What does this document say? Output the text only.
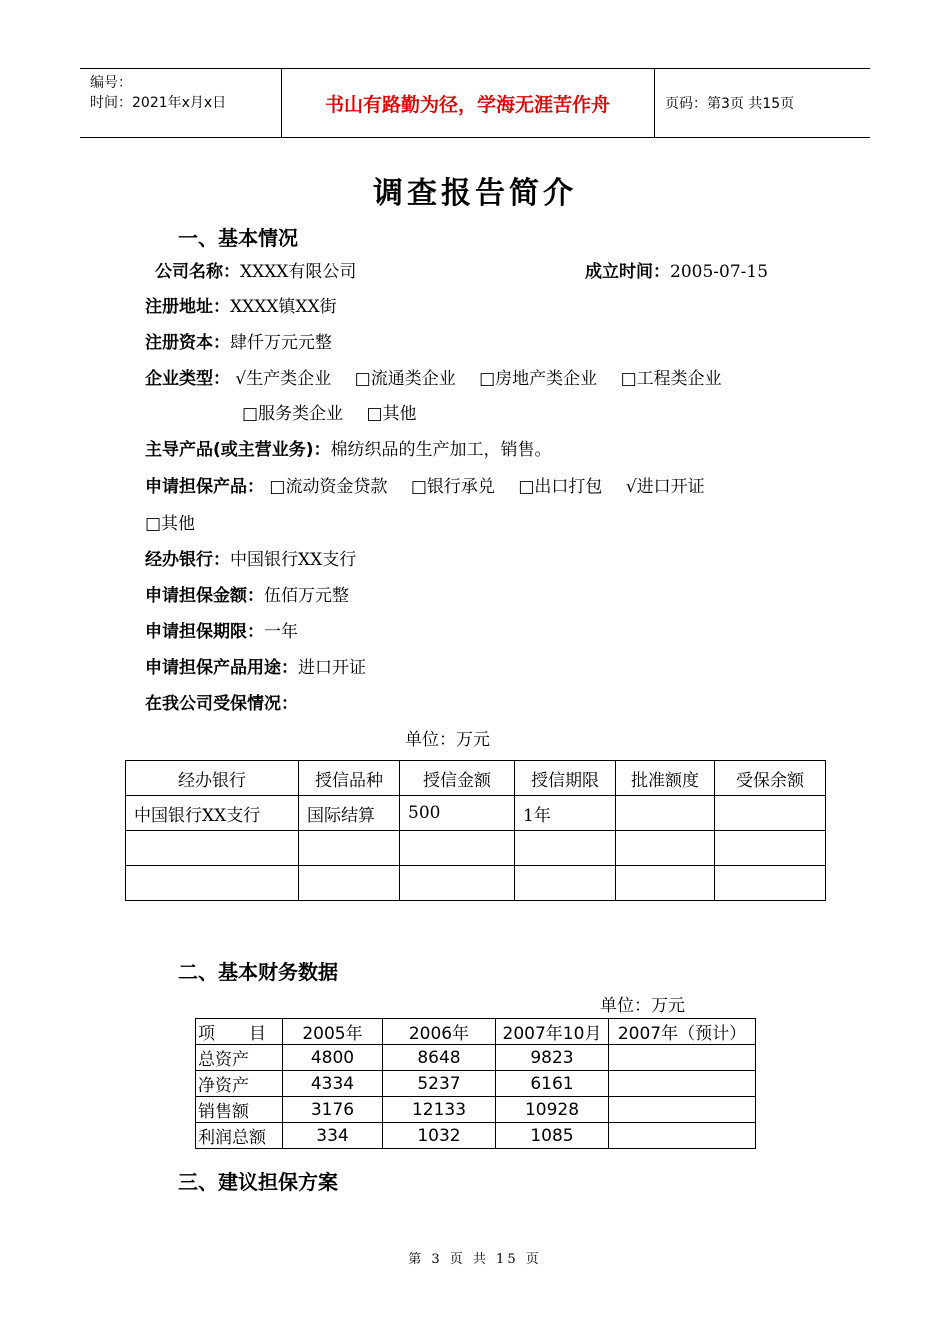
编号：
时间：2021年x月x日	书山有路勤为径，学海无涯苦作舟	页码：第3页 共15页
调查报告简介
一、基本情况
公司名称：XXXX有限公司	成立时间：2005-07-15
注册地址：XXXX镇XX街
注册资本：肆仟万元元整
企业类型： √生产类企业 □流通类企业 □房地产类企业 □工程类企业
□服务类企业 □其他
主导产品(或主营业务)：棉纺织品的生产加工，销售。
申请担保产品： □流动资金贷款 □银行承兑 □出口打包 √进口开证
□其他
经办银行：中国银行XX支行
申请担保金额：伍佰万元整
申请担保期限：一年
申请担保产品用途：进口开证
在我公司受保情况：
单位：万元
经办银行	授信品种	授信金额	授信期限	批准额度	受保余额
中国银行XX支行	国际结算	500	1年		

二、基本财务数据
单位：万元
项　　目	2005年	2006年	2007年10月	2007年（预计）
总资产	4800	8648	9823	
净资产	4334	5237	6161	
销售额	3176	12133	10928	
利润总额	334	1032	1085	
三、建议担保方案
第 3 页 共 15 页
